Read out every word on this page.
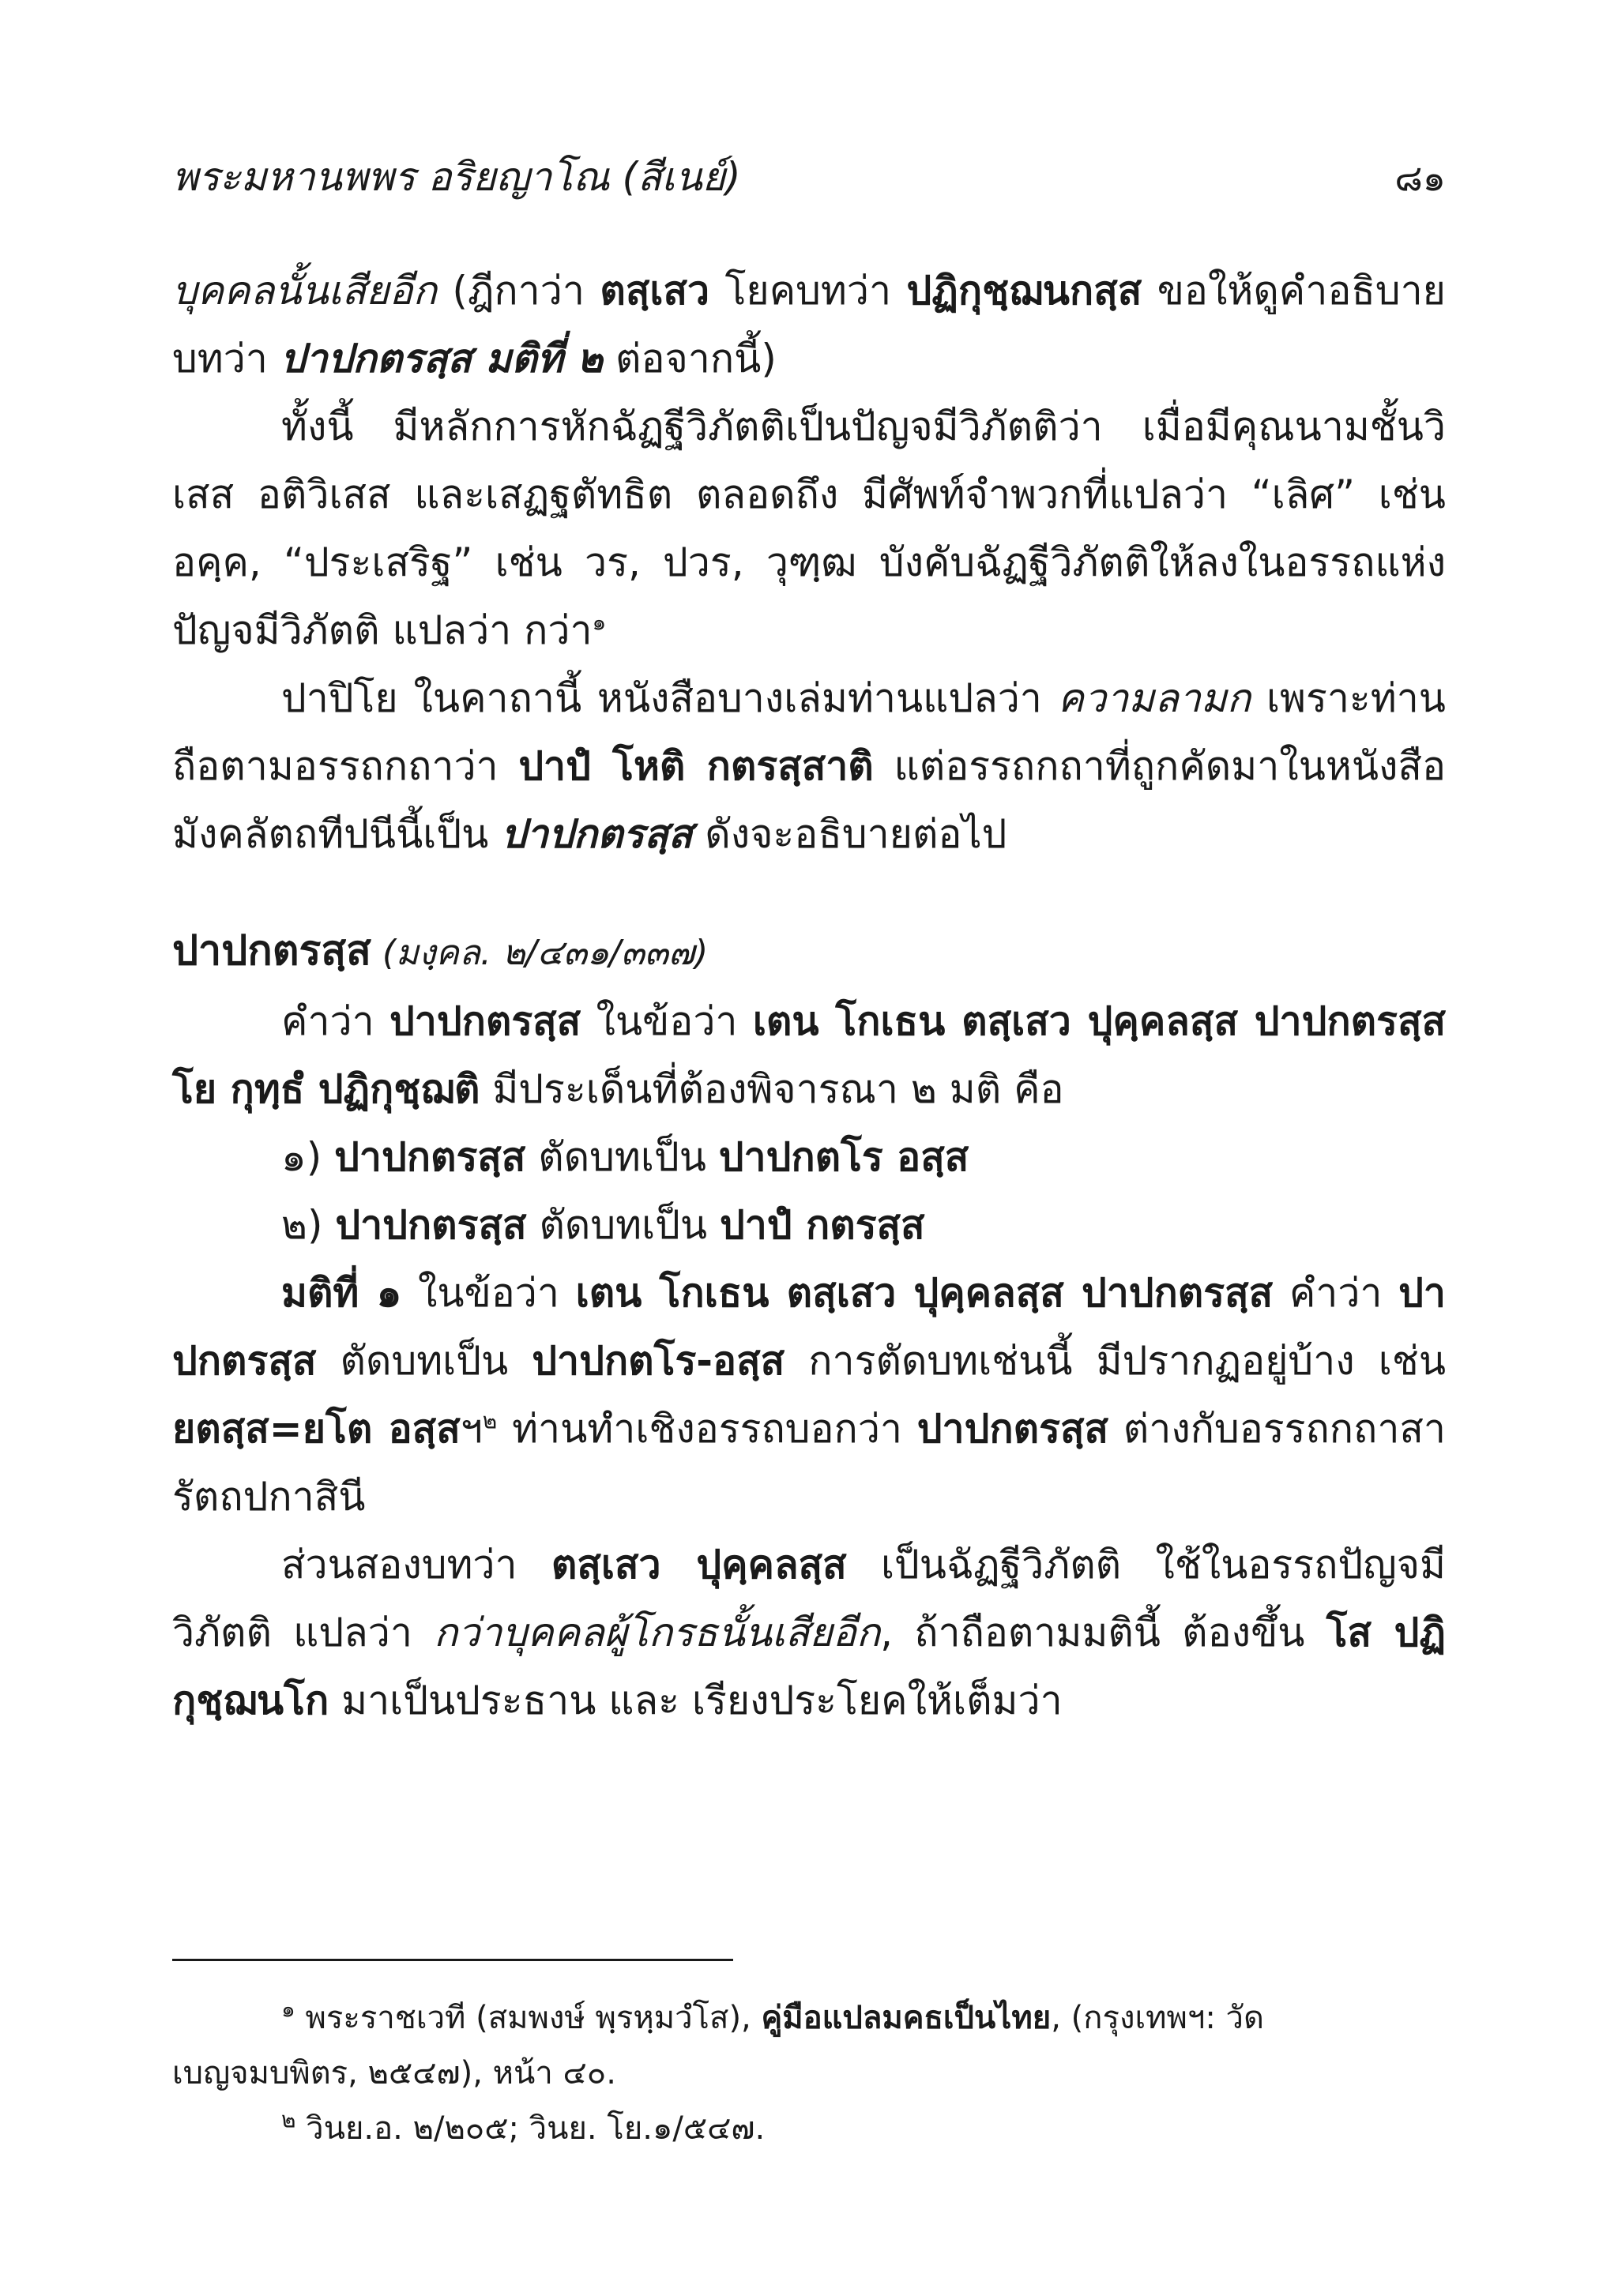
พระมหานพพร อริยญาโณ (สีเนย์)	๘๑

บุคคลนั้นเสียอีก (ฎีกาว่า ตสฺเสว โยคบทว่า ปฏิกุชฺฌนกสฺส ขอให้ดูคำอธิบายบทว่า ปาปกตรสฺส มติที่ ๒ ต่อจากนี้)

ทั้งนี้ มีหลักการหักฉัฏฐีวิภัตติเป็นปัญจมีวิภัตติว่า เมื่อมีคุณนามชั้นวิเสส อติวิเสส และเสฏฐตัทธิต ตลอดถึง มีศัพท์จำพวกที่แปลว่า “เลิศ” เช่น อคฺค, “ประเสริฐ” เช่น วร, ปวร, วุฑฺฒ บังคับฉัฏฐีวิภัตติให้ลงในอรรถแห่งปัญจมีวิภัตติ แปลว่า กว่า$^๑$

ปาปิโย ในคาถานี้ หนังสือบางเล่มท่านแปลว่า ความลามก เพราะท่านถือตามอรรถกถาว่า ปาปํ โหติ กตรสฺสาติ แต่อรรถกถาที่ถูกคัดมาในหนังสือมังคลัตถทีปนีนี้เป็น ปาปกตรสฺส ดังจะอธิบายต่อไป

ปาปกตรสฺส (มงฺคล. ๒/๔๓๑/๓๓๗)

คำว่า ปาปกตรสฺส ในข้อว่า เตน โกเธน ตสฺเสว ปุคฺคลสฺส ปาปกตรสฺส โย กุทฺธํ ปฏิกุชฺฌติ มีประเด็นที่ต้องพิจารณา ๒ มติ คือ

๑) ปาปกตรสฺส ตัดบทเป็น ปาปกตโร อสฺส

๒) ปาปกตรสฺส ตัดบทเป็น ปาปํ กตรสฺส

มติที่ ๑ ในข้อว่า เตน โกเธน ตสฺเสว ปุคฺคลสฺส ปาปกตรสฺส คำว่า ปาปกตรสฺส ตัดบทเป็น ปาปกตโร-อสฺส การตัดบทเช่นนี้ มีปรากฏอยู่บ้าง เช่น ยตสฺส=ยโต อสฺสฯ$^๒$ ท่านทำเชิงอรรถบอกว่า ปาปกตรสฺส ต่างกับอรรถกถาสารัตถปกาสินี

ส่วนสองบทว่า ตสฺเสว ปุคฺคลสฺส เป็นฉัฏฐีวิภัตติ ใช้ในอรรถปัญจมีวิภัตติ แปลว่า กว่าบุคคลผู้โกรธนั้นเสียอีก, ถ้าถือตามมตินี้ ต้องขึ้น โส ปฏิกุชฺฌนโก มาเป็นประธาน และ เรียงประโยคให้เต็มว่า

$^๑$ พระราชเวที (สมพงษ์ พฺรหฺมวํโส), คู่มือแปลมคธเป็นไทย, (กรุงเทพฯ: วัดเบญจมบพิตร, ๒๕๔๗), หน้า ๔๐.

$^๒$ วินย.อ. ๒/๒๐๕; วินย. โย.๑/๕๔๗.
